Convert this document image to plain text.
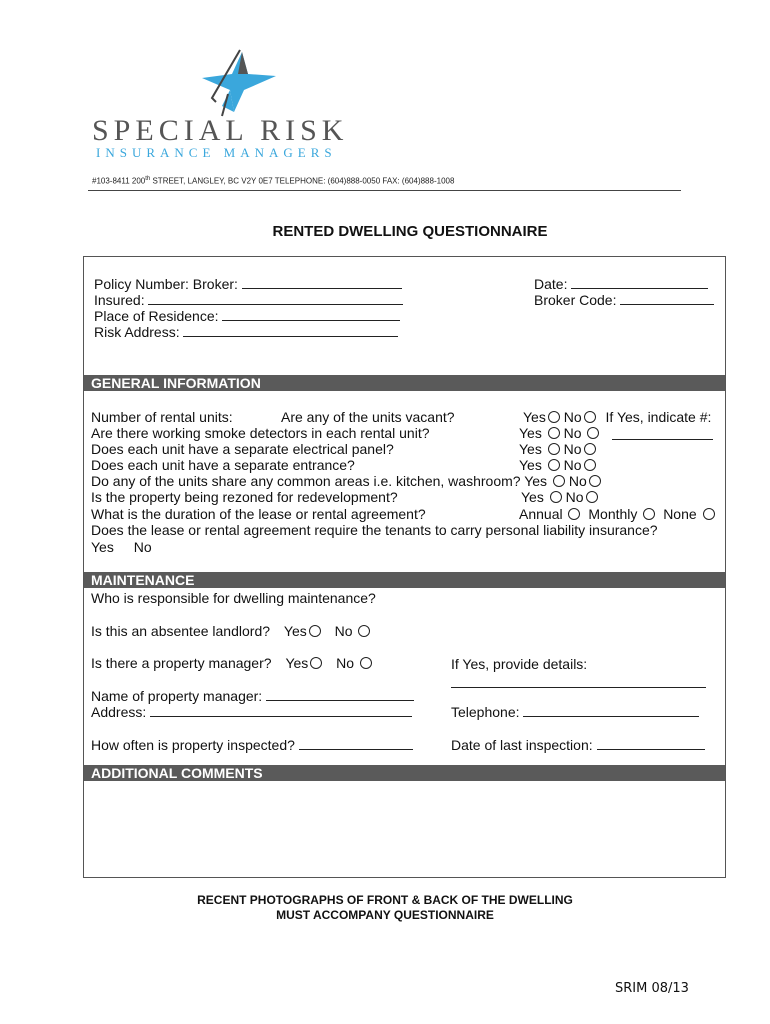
SPECIAL RISK
INSURANCE MANAGERS
#103-8411 200th STREET, LANGLEY, BC V2Y 0E7 TELEPHONE: (604)888-0050 FAX: (604)888-1008
RENTED DWELLING QUESTIONNAIRE
Policy Number: Broker:
Insured:
Place of Residence:
Risk Address:
Date:
Broker Code:
GENERAL INFORMATION
Number of rental units:	Are any of the units vacant?	Yes No If Yes, indicate #:
Are there working smoke detectors in each rental unit?	Yes No
Does each unit have a separate electrical panel?	Yes No
Does each unit have a separate entrance?	Yes No
Do any of the units share any common areas i.e. kitchen, washroom? Yes No
Is the property being rezoned for redevelopment?	Yes No
What is the duration of the lease or rental agreement?	Annual Monthly None
Does the lease or rental agreement require the tenants to carry personal liability insurance?
Yes No
MAINTENANCE
Who is responsible for dwelling maintenance?
Is this an absentee landlord? Yes No
Is there a property manager? Yes No	If Yes, provide details:
Name of property manager:
Address:	Telephone:
How often is property inspected?	Date of last inspection:
ADDITIONAL COMMENTS
RECENT PHOTOGRAPHS OF FRONT & BACK OF THE DWELLING
MUST ACCOMPANY QUESTIONNAIRE
SRIM 08/13
